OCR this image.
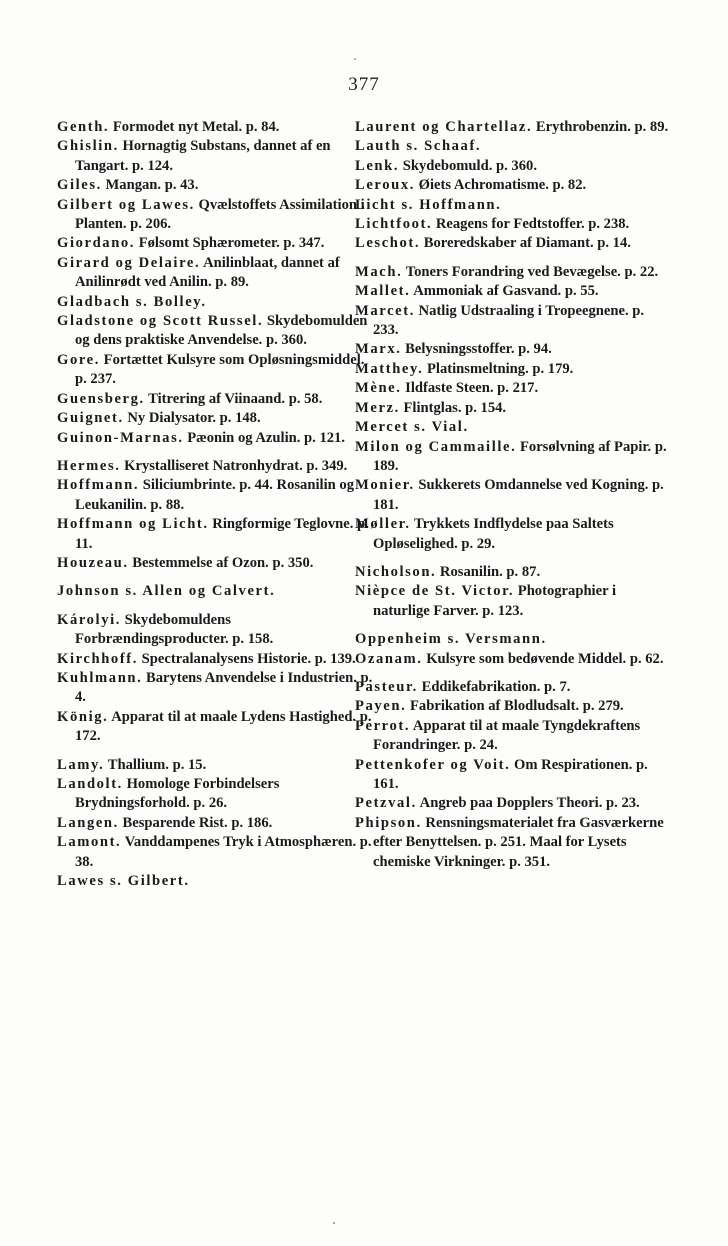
377

Genth. Formodet nyt Metal. p. 84.

Ghislin. Hornagtig Substans, dannet af en Tangart. p. 124.

Giles. Mangan. p. 43.

Gilbert og Lawes. Qvælstoffets Assimilation i Planten. p. 206.

Giordano. Følsomt Sphærometer. p. 347.

Girard og Delaire. Anilinblaat, dannet af Anilinrødt ved Anilin. p. 89.

Gladbach s. Bolley.

Gladstone og Scott Russel. Skydebomulden og dens praktiske Anvendelse. p. 360.

Gore. Fortættet Kulsyre som Opløsningsmiddel. p. 237.

Guensberg. Titrering af Viinaand. p. 58.

Guignet. Ny Dialysator. p. 148.

Guinon-Marnas. Pæonin og Azulin. p. 121.

Hermes. Krystalliseret Natronhydrat. p. 349.

Hoffmann. Siliciumbrinte. p. 44. Rosanilin og Leukanilin. p. 88.

Hoffmann og Licht. Ringformige Teglovne. p. 11.

Houzeau. Bestemmelse af Ozon. p. 350.

Johnson s. Allen og Calvert.

Károlyi. Skydebomuldens Forbrændingsproducter. p. 158.

Kirchhoff. Spectralanalysens Historie. p. 139.

Kuhlmann. Barytens Anvendelse i Industrien. p. 4.

König. Apparat til at maale Lydens Hastighed. p. 172.

Lamy. Thallium. p. 15.

Landolt. Homologe Forbindelsers Brydningsforhold. p. 26.

Langen. Besparende Rist. p. 186.

Lamont. Vanddampenes Tryk i Atmosphæren. p. 38.

Lawes s. Gilbert.

Laurent og Chartellaz. Erythrobenzin. p. 89.

Lauth s. Schaaf.

Lenk. Skydebomuld. p. 360.

Leroux. Øiets Achromatisme. p. 82.

Licht s. Hoffmann.

Lichtfoot. Reagens for Fedtstoffer. p. 238.

Leschot. Boreredskaber af Diamant. p. 14.

Mach. Toners Forandring ved Bevægelse. p. 22.

Mallet. Ammoniak af Gasvand. p. 55.

Marcet. Natlig Udstraaling i Tropeegnene. p. 233.

Marx. Belysningsstoffer. p. 94.

Matthey. Platinsmeltning. p. 179.

Mène. Ildfaste Steen. p. 217.

Merz. Flintglas. p. 154.

Mercet s. Vial.

Milon og Cammaille. Forsølvning af Papir. p. 189.

Monier. Sukkerets Omdannelse ved Kogning. p. 181.

Møller. Trykkets Indflydelse paa Saltets Opløselighed. p. 29.

Nicholson. Rosanilin. p. 87.

Nièpce de St. Victor. Photographier i naturlige Farver. p. 123.

Oppenheim s. Versmann.

Ozanam. Kulsyre som bedøvende Middel. p. 62.

Pasteur. Eddikefabrikation. p. 7.

Payen. Fabrikation af Blodludsalt. p. 279.

Perrot. Apparat til at maale Tyngdekraftens Forandringer. p. 24.

Pettenkofer og Voit. Om Respirationen. p. 161.

Petzval. Angreb paa Dopplers Theori. p. 23.

Phipson. Rensningsmaterialet fra Gasværkerne efter Benyttelsen. p. 251. Maal for Lysets chemiske Virkninger. p. 351.
